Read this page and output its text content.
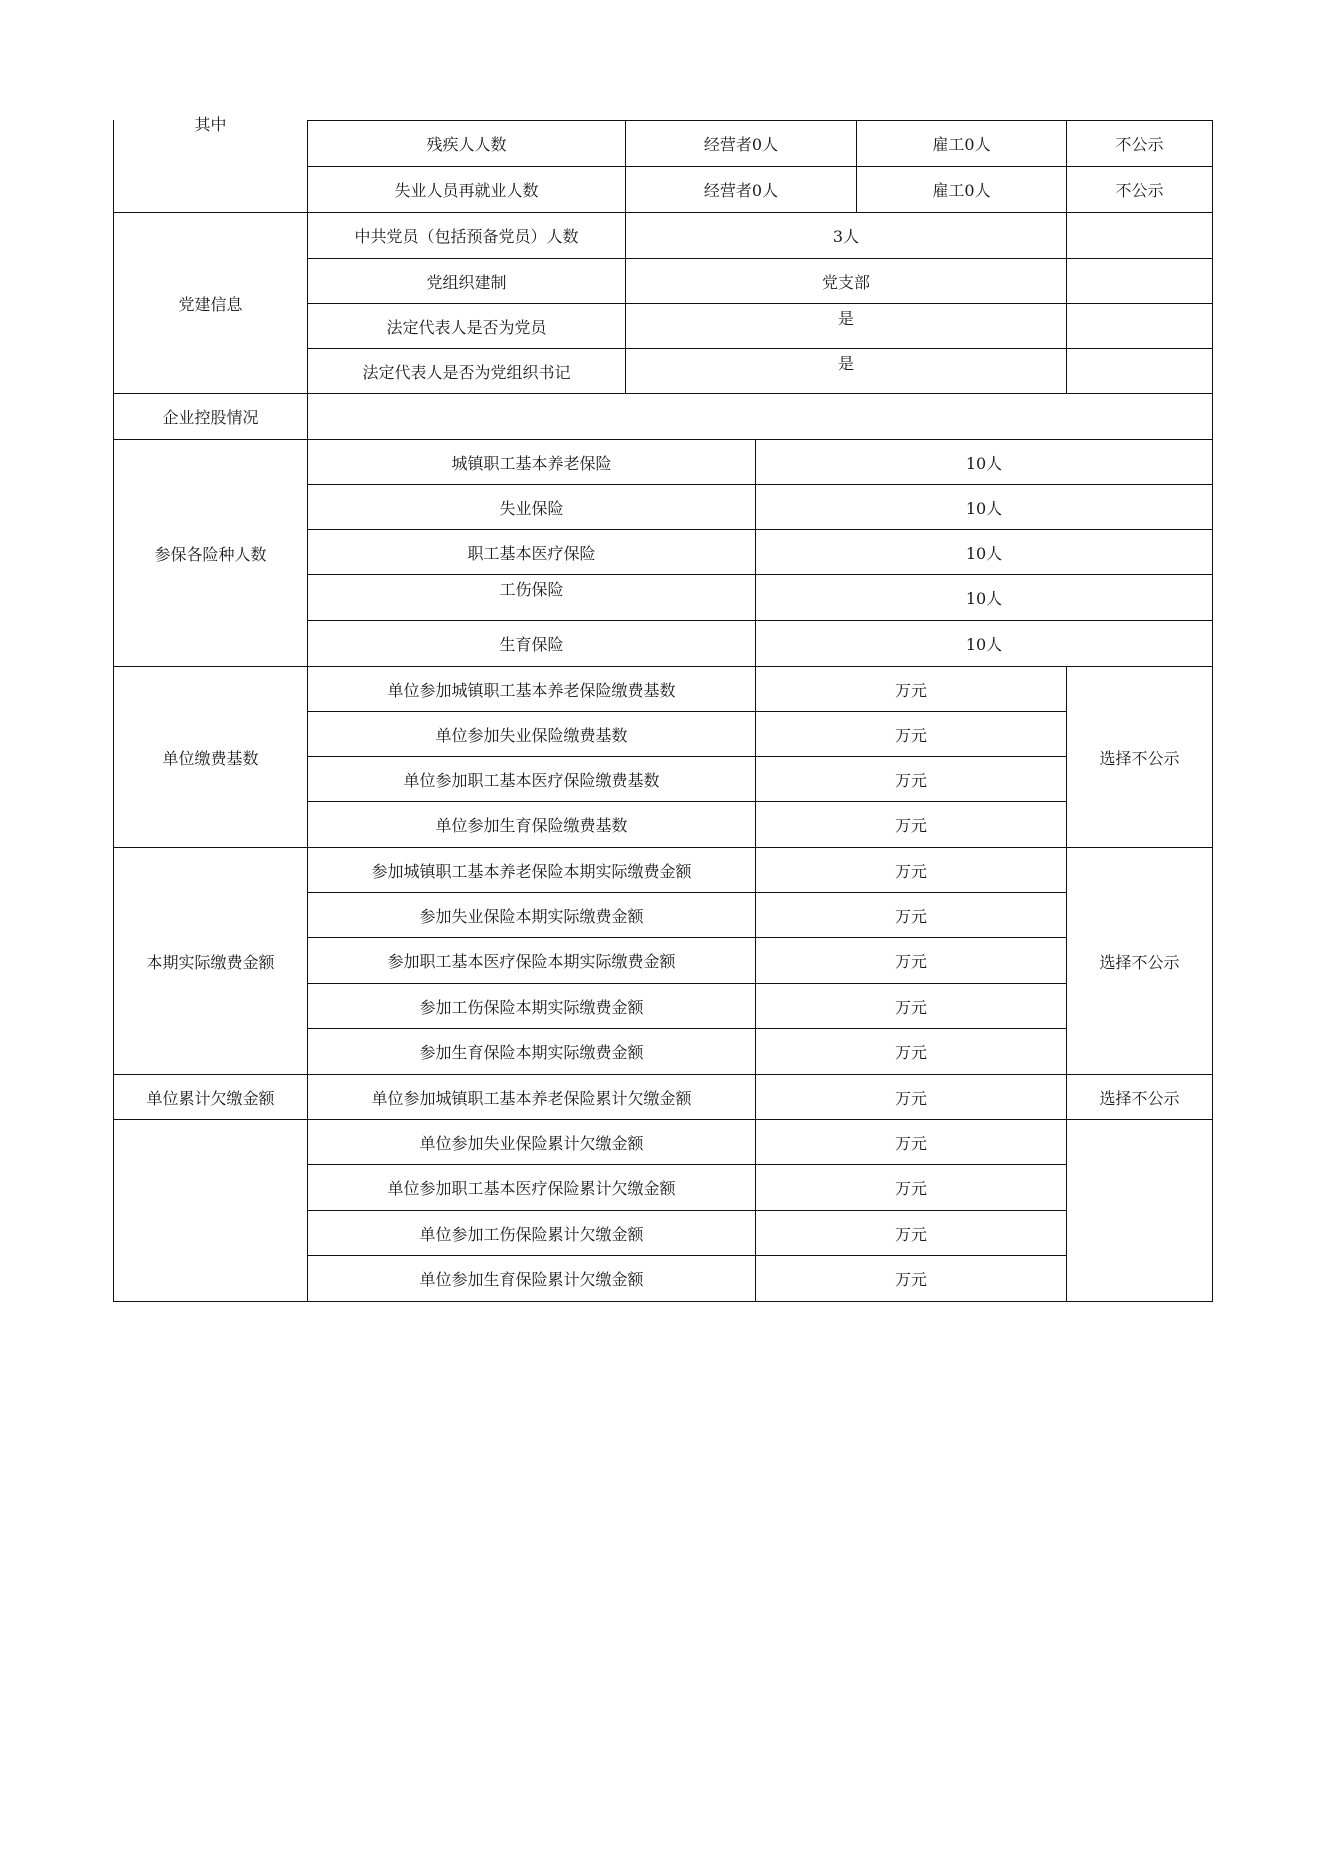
其中
残疾人人数	经营者0人	雇工0人	不公示
失业人员再就业人数	经营者0人	雇工0人	不公示
党建信息
中共党员（包括预备党员）人数	3人
党组织建制	党支部
法定代表人是否为党员	是
法定代表人是否为党组织书记	是
企业控股情况
参保各险种人数
城镇职工基本养老保险	10人
失业保险	10人
职工基本医疗保险	10人
工伤保险	10人
生育保险	10人
单位缴费基数
单位参加城镇职工基本养老保险缴费基数	万元
单位参加失业保险缴费基数	万元
单位参加职工基本医疗保险缴费基数	万元
单位参加生育保险缴费基数	万元
选择不公示
本期实际缴费金额
参加城镇职工基本养老保险本期实际缴费金额	万元
参加失业保险本期实际缴费金额	万元
参加职工基本医疗保险本期实际缴费金额	万元
参加工伤保险本期实际缴费金额	万元
参加生育保险本期实际缴费金额	万元
选择不公示
单位累计欠缴金额	单位参加城镇职工基本养老保险累计欠缴金额	万元	选择不公示
单位参加失业保险累计欠缴金额	万元
单位参加职工基本医疗保险累计欠缴金额	万元
单位参加工伤保险累计欠缴金额	万元
单位参加生育保险累计欠缴金额	万元
